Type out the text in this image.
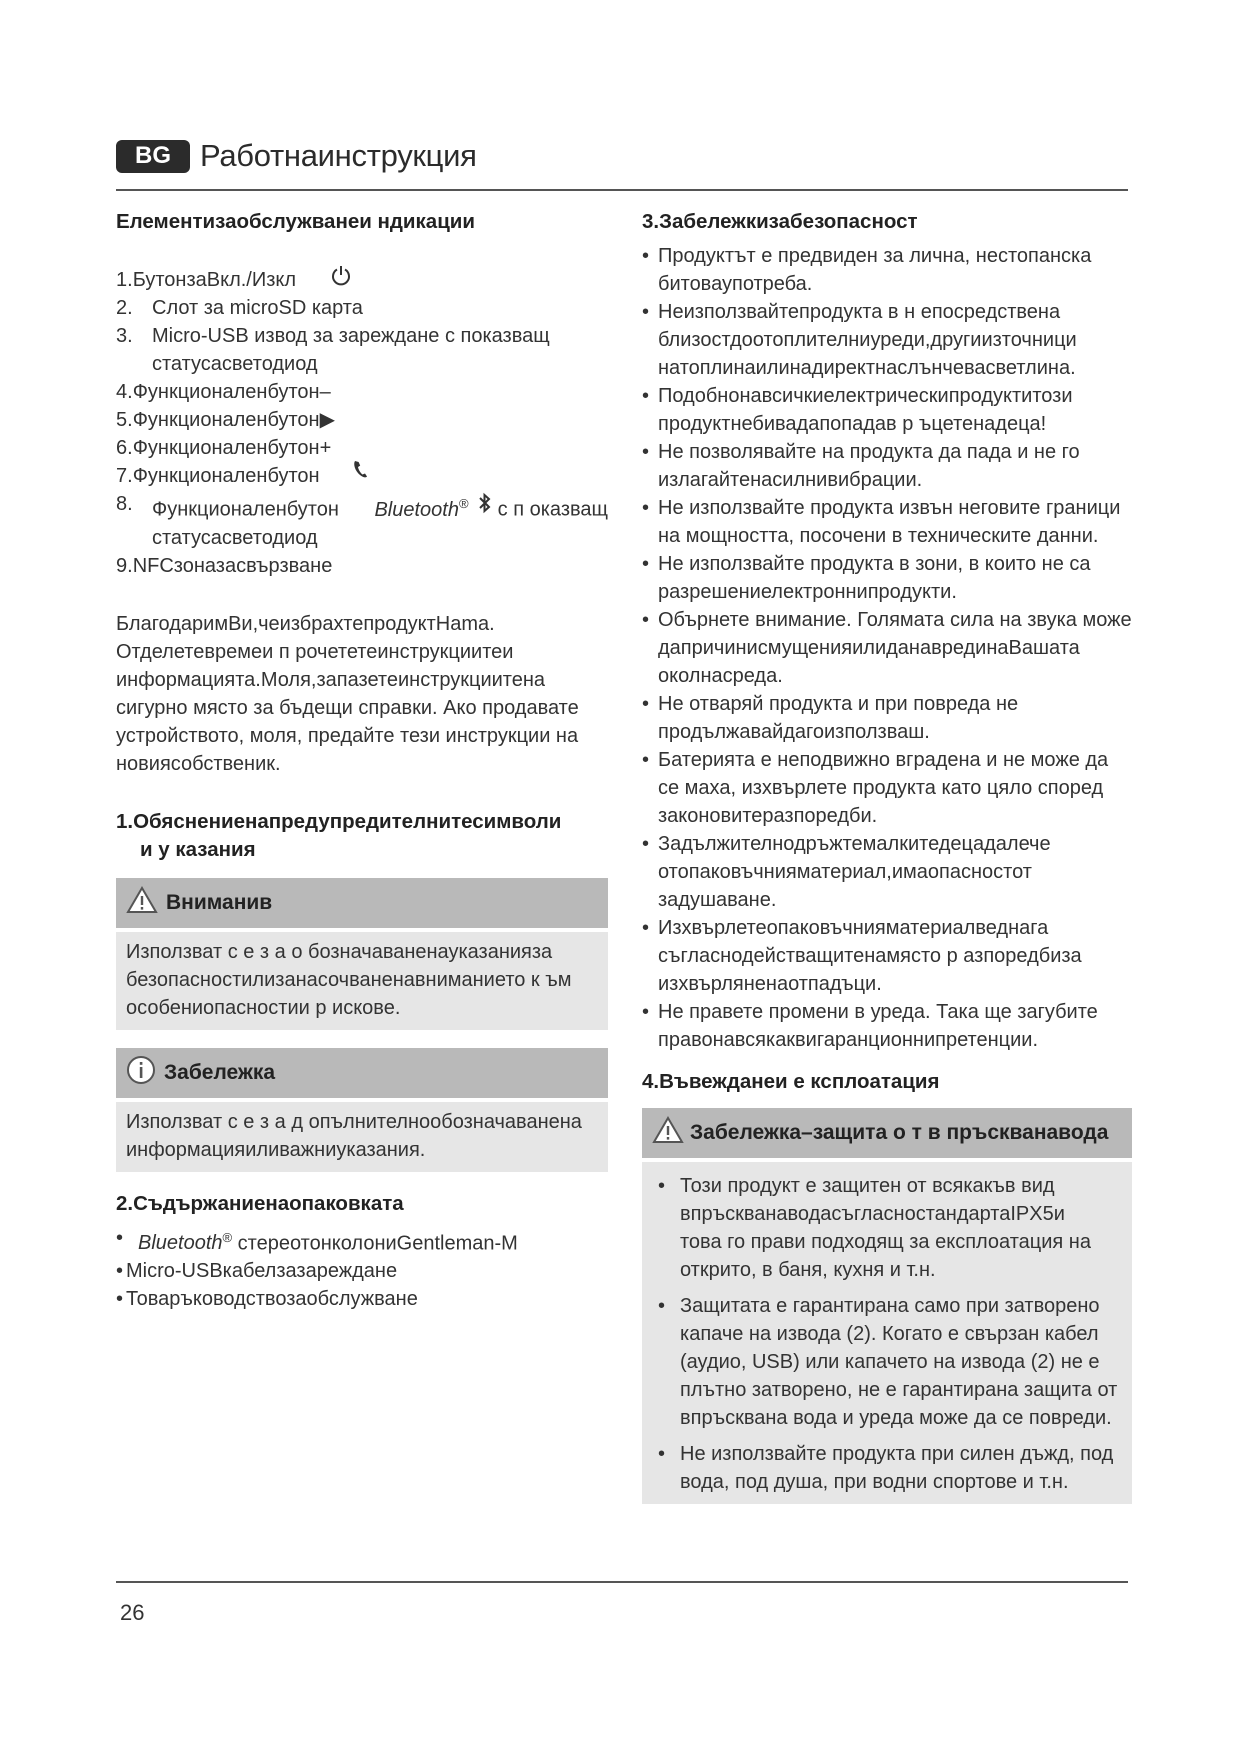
BG Работнаинструкция
Елементизаобслужванеи ндикации
1.БутонзаВкл./Изкл
2. Слот за microSD карта
3. Micro-USB извод за зареждане с показващ
статусасветодиод
4.Функционаленбутон–
5.Функционаленбутон▶
6.Функционаленбутон+
7.Функционаленбутон
8. Функционаленбутон Bluetooth® с п оказващ
статусасветодиод
9.NFCзоназасвързване
БлагодаримВи,чеизбрахтепродуктHama.
Отделетевремеи п рочететеинструкциитеи
информацията.Моля,запазетеинструкциитена
сигурно място за бъдещи справки. Ако продавате
устройството, моля, предайте тези инструкции на
новиясобственик.
1.Обяснениенапредупредителнитесимволи
и у казания
Вниманив
Използват с е з а о бозначаваненауказанияза
безопасностилизанасочваненавниманието к ъм
особениопасностии р искове.
Забележка
Използват с е з а д опълнителнообозначаванена
информацияиливажниуказания.
2.Съдържаниенаопаковката
• Bluetooth® стереотонколониGentleman-M
• Micro-USBкабелзазареждане
• Товаръководствозаобслужване
3.Забележкизабезопасност
• Продуктът е предвиден за лична, нестопанска
битоваупотреба.
• Неизползвайтепродукта в н епосредствена
близостдоотоплителниуреди,другиизточници
натоплинаилинадиректнаслънчевасветлина.
• Подобнонавсичкиелектрическипродуктитози
продуктнебивадапопадав р ъцетенадеца!
• Не позволявайте на продукта да пада и не го
излагайтенасилнивибрации.
• Не използвайте продукта извън неговите граници
на мощността, посочени в техническите данни.
• Не използвайте продукта в зони, в които не са
разрешениелектроннипродукти.
• Обърнете внимание. Голямата сила на звука може
дапричинисмущенияилиданаврединаВашата
околнасреда.
• Не отваряй продукта и при повреда не
продължавайдагоизползваш.
• Батерията е неподвижно вградена и не може да
се маха, изхвърлете продукта като цяло според
законовитеразпоредби.
• Задължителнодръжтемалкитедецадалече
отопаковъчнияматериал,имаопасностот
задушаване.
• Изхвърлетеопаковъчнияматериалведнага
съгласнодействащитенамясто р азпоредбиза
изхвърляненаотпадъци.
• Не правете промени в уреда. Така ще загубите
правонавсякаквигаранционнипретенции.
4.Въвежданеи е ксплоатация
Забележка–защита о т в пръскванавода
• Този продукт е защитен от всякакъв вид
впръскванаводасъгласностандартаIPX5и
това го прави подходящ за експлоатация на
открито, в баня, кухня и т.н.
• Защитата е гарантирана само при затворено
капаче на извода (2). Когато е свързан кабел
(аудио, USB) или капачето на извода (2) не е
плътно затворено, не е гарантирана защита от
впръсквана вода и уреда може да се повреди.
• Не използвайте продукта при силен дъжд, под
вода, под душа, при водни спортове и т.н.
26
